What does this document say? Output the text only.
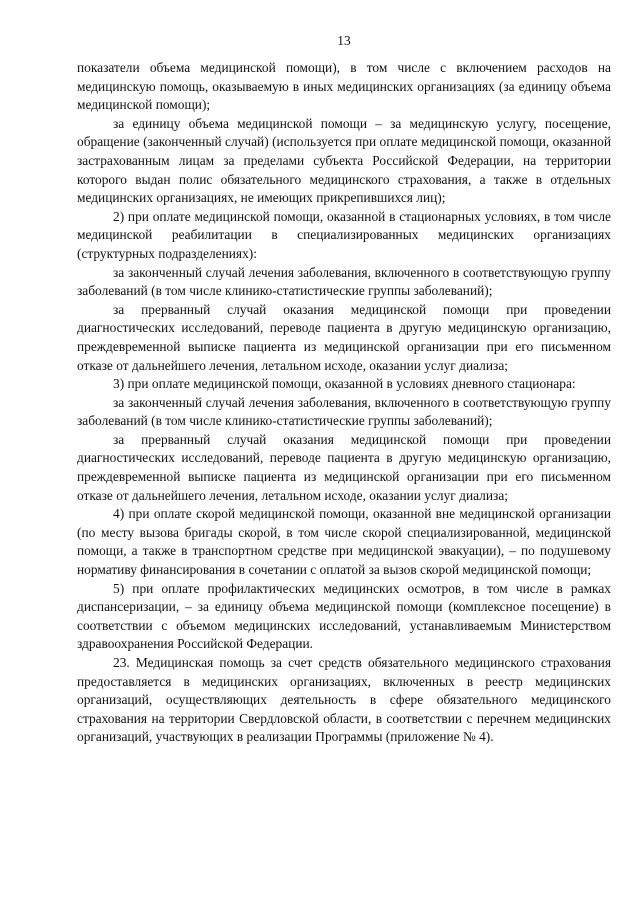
13

показатели объема медицинской помощи), в том числе с включением расходов на медицинскую помощь, оказываемую в иных медицинских организациях (за единицу объема медицинской помощи);

за единицу объема медицинской помощи – за медицинскую услугу, посещение, обращение (законченный случай) (используется при оплате медицинской помощи, оказанной застрахованным лицам за пределами субъекта Российской Федерации, на территории которого выдан полис обязательного медицинского страхования, а также в отдельных медицинских организациях, не имеющих прикрепившихся лиц);

2) при оплате медицинской помощи, оказанной в стационарных условиях, в том числе медицинской реабилитации в специализированных медицинских организациях (структурных подразделениях):

за законченный случай лечения заболевания, включенного в соответствующую группу заболеваний (в том числе клинико-статистические группы заболеваний);

за прерванный случай оказания медицинской помощи при проведении диагностических исследований, переводе пациента в другую медицинскую организацию, преждевременной выписке пациента из медицинской организации при его письменном отказе от дальнейшего лечения, летальном исходе, оказании услуг диализа;

3) при оплате медицинской помощи, оказанной в условиях дневного стационара:

за законченный случай лечения заболевания, включенного в соответствующую группу заболеваний (в том числе клинико-статистические группы заболеваний);

за прерванный случай оказания медицинской помощи при проведении диагностических исследований, переводе пациента в другую медицинскую организацию, преждевременной выписке пациента из медицинской организации при его письменном отказе от дальнейшего лечения, летальном исходе, оказании услуг диализа;

4) при оплате скорой медицинской помощи, оказанной вне медицинской организации (по месту вызова бригады скорой, в том числе скорой специализированной, медицинской помощи, а также в транспортном средстве при медицинской эвакуации), – по подушевому нормативу финансирования в сочетании с оплатой за вызов скорой медицинской помощи;

5) при оплате профилактических медицинских осмотров, в том числе в рамках диспансеризации, – за единицу объема медицинской помощи (комплексное посещение) в соответствии с объемом медицинских исследований, устанавливаемым Министерством здравоохранения Российской Федерации.

23. Медицинская помощь за счет средств обязательного медицинского страхования предоставляется в медицинских организациях, включенных в реестр медицинских организаций, осуществляющих деятельность в сфере обязательного медицинского страхования на территории Свердловской области, в соответствии с перечнем медицинских организаций, участвующих в реализации Программы (приложение № 4).
